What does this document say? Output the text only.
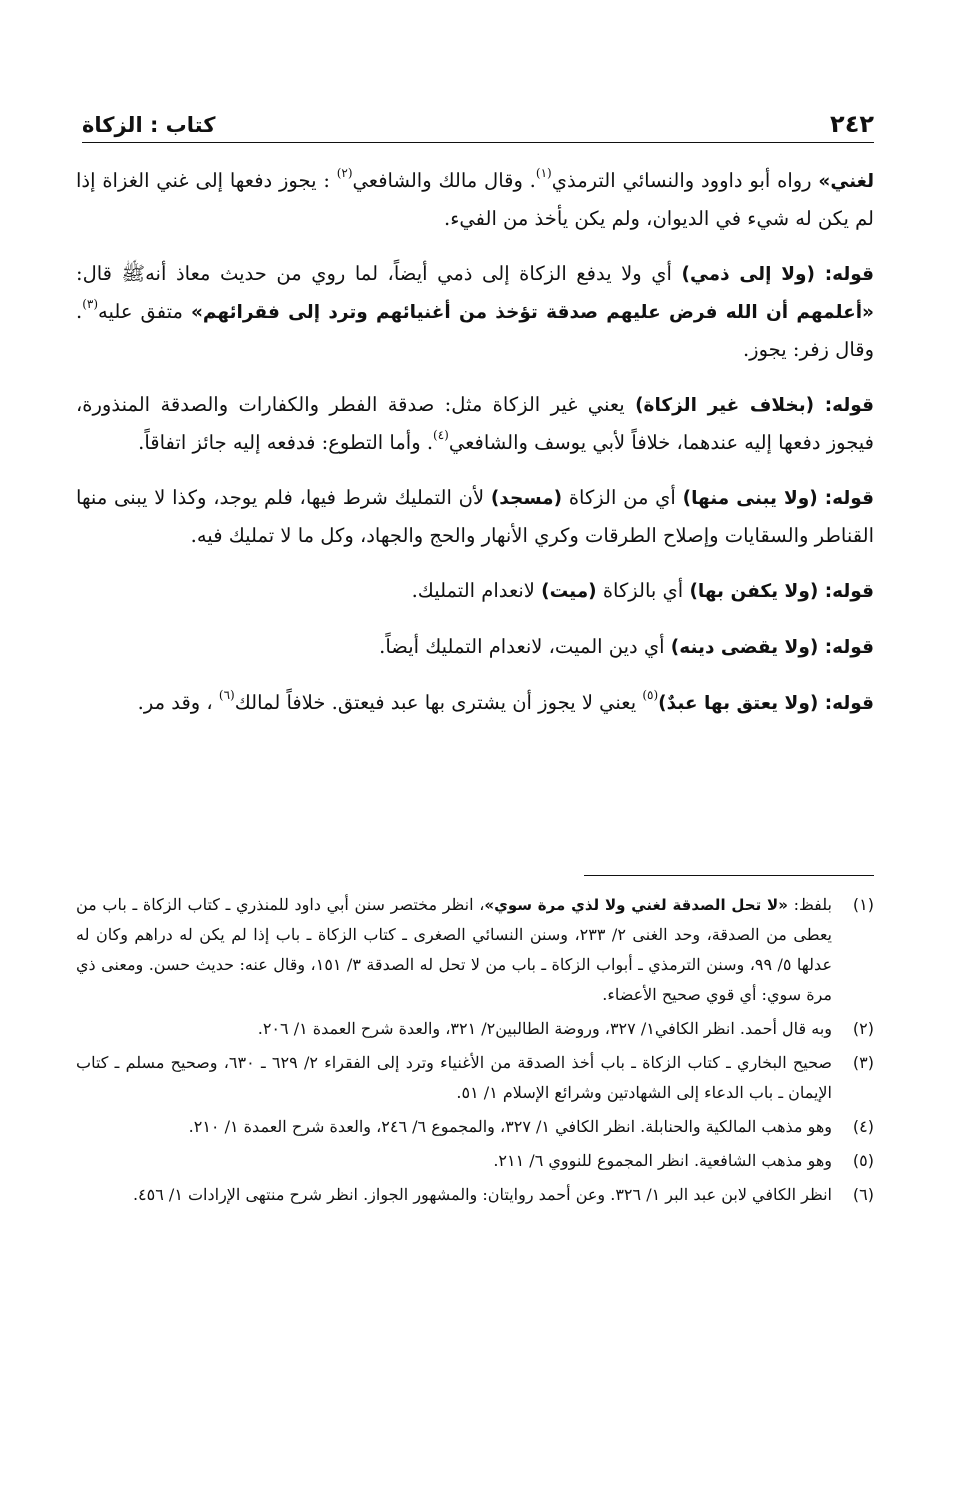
٢٤٢
كتاب : الزكاة

لغني» رواه أبو داوود والنسائي الترمذي$^{(١)}$. وقال مالك والشافعي$^{(٢)}$ : يجوز دفعها إلى غني الغزاة إذا لم يكن له شيء في الديوان، ولم يكن يأخذ من الفيء.

قوله: (ولا إلى ذمي) أي ولا يدفع الزكاة إلى ذمي أيضاً، لما روي من حديث معاذ أنهﷺ قال: «أعلمهم أن الله فرض عليهم صدقة تؤخذ من أغنيائهم وترد إلى فقرائهم» متفق عليه$^{(٣)}$. وقال زفر: يجوز.

قوله: (بخلاف غير الزكاة) يعني غير الزكاة مثل: صدقة الفطر والكفارات والصدقة المنذورة، فيجوز دفعها إليه عندهما، خلافاً لأبي يوسف والشافعي$^{(٤)}$. وأما التطوع: فدفعه إليه جائز اتفاقاً.

قوله: (ولا يبنى منها) أي من الزكاة (مسجد) لأن التمليك شرط فيها، فلم يوجد، وكذا لا يبنى منها القناطر والسقايات وإصلاح الطرقات وكري الأنهار والحج والجهاد، وكل ما لا تمليك فيه.

قوله: (ولا يكفن بها) أي بالزكاة (ميت) لانعدام التمليك.

قوله: (ولا يقضى دينه) أي دين الميت، لانعدام التمليك أيضاً.

قوله: (ولا يعتق بها عبدٌ)$^{(٥)}$ يعني لا يجوز أن يشترى بها عبد فيعتق. خلافاً لمالك$^{(٦)}$ ، وقد مر.

(١)
بلفظ: «لا تحل الصدقة لغني ولا لذي مرة سوي»، انظر مختصر سنن أبي داود للمنذري ـ كتاب الزكاة ـ باب من يعطى من الصدقة، وحد الغنى ٢/ ٢٣٣، وسنن النسائي الصغرى ـ كتاب الزكاة ـ باب إذا لم يكن له دراهم وكان له عدلها ٥/ ٩٩، وسنن الترمذي ـ أبواب الزكاة ـ باب من لا تحل له الصدقة ٣/ ١٥١، وقال عنه: حديث حسن. ومعنى ذي مرة سوي: أي قوي صحيح الأعضاء.
(٢)
وبه قال أحمد. انظر الكافي١/ ٣٢٧، وروضة الطالبين٢/ ٣٢١، والعدة شرح العمدة ١/ ٢٠٦.
(٣)
صحيح البخاري ـ كتاب الزكاة ـ باب أخذ الصدقة من الأغنياء وترد إلى الفقراء ٢/ ٦٢٩ ـ ٦٣٠، وصحيح مسلم ـ كتاب الإيمان ـ باب الدعاء إلى الشهادتين وشرائع الإسلام ١/ ٥١.
(٤)
وهو مذهب المالكية والحنابلة. انظر الكافي ١/ ٣٢٧، والمجموع ٦/ ٢٤٦، والعدة شرح العمدة ١/ ٢١٠.
(٥)
وهو مذهب الشافعية. انظر المجموع للنووي ٦/ ٢١١.
(٦)
انظر الكافي لابن عبد البر ١/ ٣٢٦. وعن أحمد روايتان: والمشهور الجواز. انظر شرح منتهى الإرادات ١/ ٤٥٦.
